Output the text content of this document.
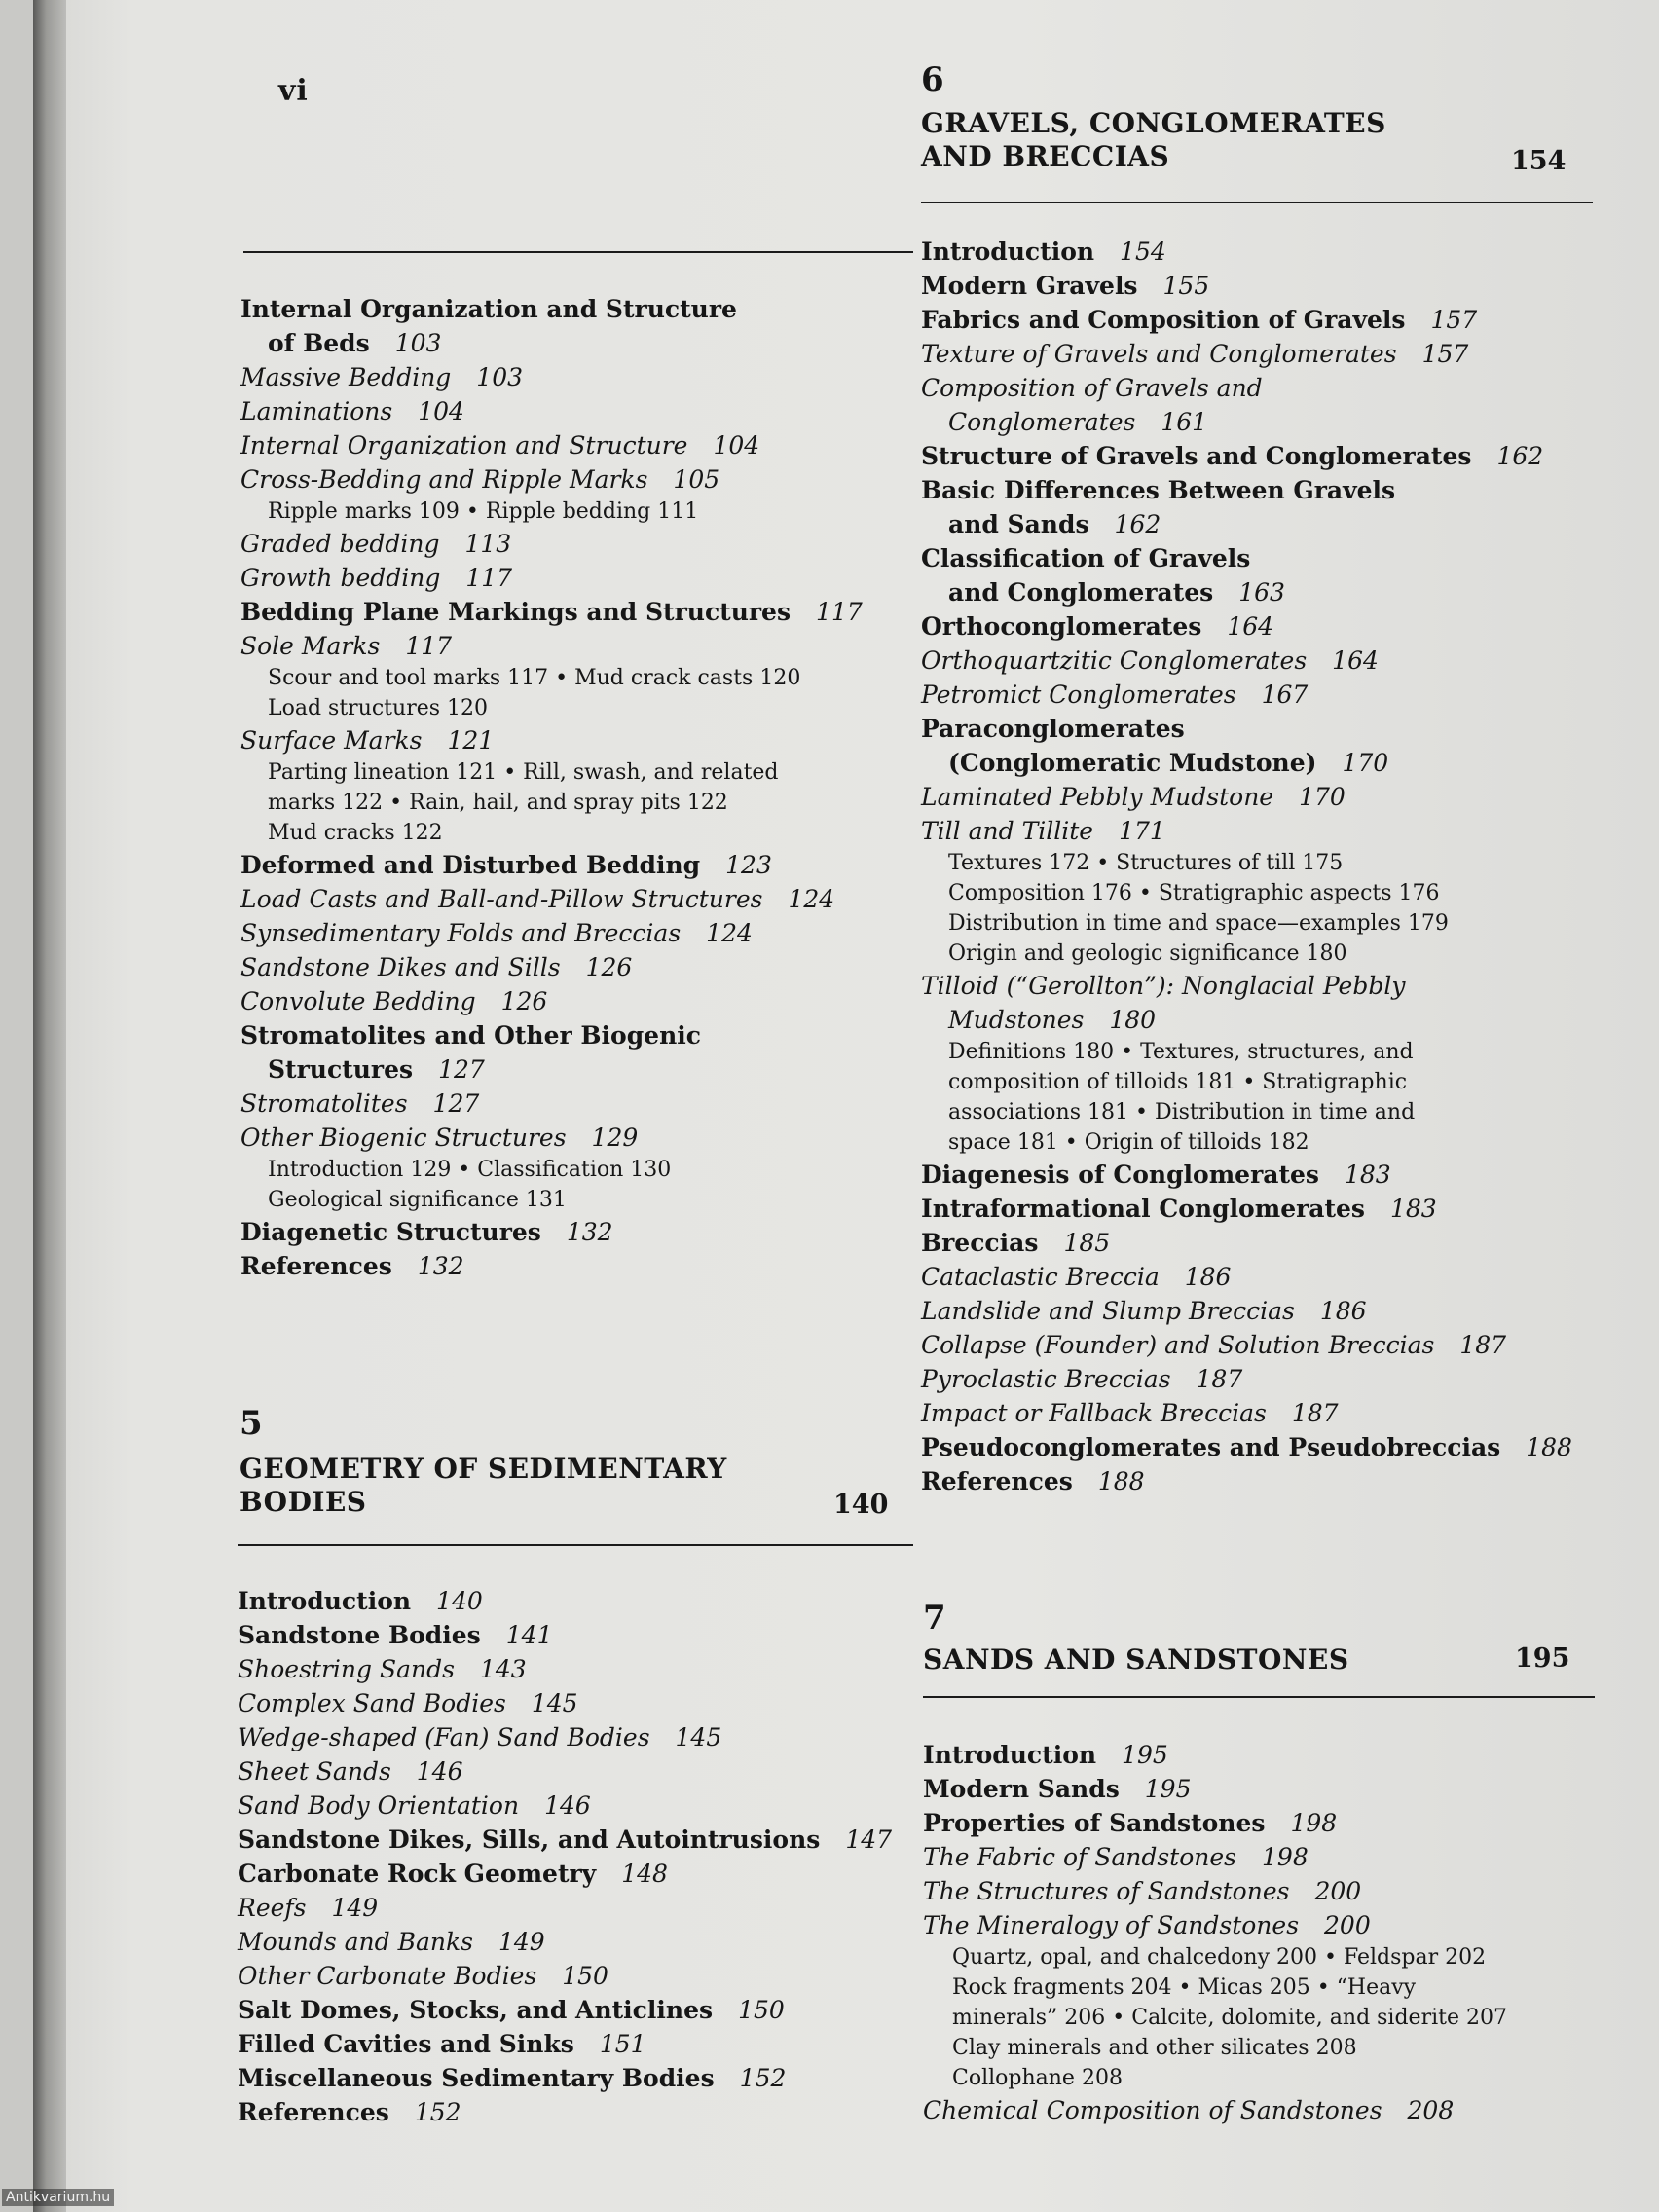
vi
Internal Organization and Structure
of Beds 103
Massive Bedding 103
Laminations 104
Internal Organization and Structure 104
Cross-Bedding and Ripple Marks 105
Ripple marks 109 • Ripple bedding 111
Graded bedding 113
Growth bedding 117
Bedding Plane Markings and Structures 117
Sole Marks 117
Scour and tool marks 117 • Mud crack casts 120
Load structures 120
Surface Marks 121
Parting lineation 121 • Rill, swash, and related
marks 122 • Rain, hail, and spray pits 122
Mud cracks 122
Deformed and Disturbed Bedding 123
Load Casts and Ball-and-Pillow Structures 124
Synsedimentary Folds and Breccias 124
Sandstone Dikes and Sills 126
Convolute Bedding 126
Stromatolites and Other Biogenic
Structures 127
Stromatolites 127
Other Biogenic Structures 129
Introduction 129 • Classification 130
Geological significance 131
Diagenetic Structures 132
References 132
5
GEOMETRY OF SEDIMENTARY
BODIES	140
Introduction 140
Sandstone Bodies 141
Shoestring Sands 143
Complex Sand Bodies 145
Wedge-shaped (Fan) Sand Bodies 145
Sheet Sands 146
Sand Body Orientation 146
Sandstone Dikes, Sills, and Autointrusions 147
Carbonate Rock Geometry 148
Reefs 149
Mounds and Banks 149
Other Carbonate Bodies 150
Salt Domes, Stocks, and Anticlines 150
Filled Cavities and Sinks 151
Miscellaneous Sedimentary Bodies 152
References 152
6
GRAVELS, CONGLOMERATES
AND BRECCIAS	154
Introduction 154
Modern Gravels 155
Fabrics and Composition of Gravels 157
Texture of Gravels and Conglomerates 157
Composition of Gravels and
Conglomerates 161
Structure of Gravels and Conglomerates 162
Basic Differences Between Gravels
and Sands 162
Classification of Gravels
and Conglomerates 163
Orthoconglomerates 164
Orthoquartzitic Conglomerates 164
Petromict Conglomerates 167
Paraconglomerates
(Conglomeratic Mudstone) 170
Laminated Pebbly Mudstone 170
Till and Tillite 171
Textures 172 • Structures of till 175
Composition 176 • Stratigraphic aspects 176
Distribution in time and space—examples 179
Origin and geologic significance 180
Tilloid (“Gerollton”): Nonglacial Pebbly
Mudstones 180
Definitions 180 • Textures, structures, and
composition of tilloids 181 • Stratigraphic
associations 181 • Distribution in time and
space 181 • Origin of tilloids 182
Diagenesis of Conglomerates 183
Intraformational Conglomerates 183
Breccias 185
Cataclastic Breccia 186
Landslide and Slump Breccias 186
Collapse (Founder) and Solution Breccias 187
Pyroclastic Breccias 187
Impact or Fallback Breccias 187
Pseudoconglomerates and Pseudobreccias 188
References 188
7
SANDS AND SANDSTONES	195
Introduction 195
Modern Sands 195
Properties of Sandstones 198
The Fabric of Sandstones 198
The Structures of Sandstones 200
The Mineralogy of Sandstones 200
Quartz, opal, and chalcedony 200 • Feldspar 202
Rock fragments 204 • Micas 205 • “Heavy
minerals” 206 • Calcite, dolomite, and siderite 207
Clay minerals and other silicates 208
Collophane 208
Chemical Composition of Sandstones 208
Antikvarium.hu
